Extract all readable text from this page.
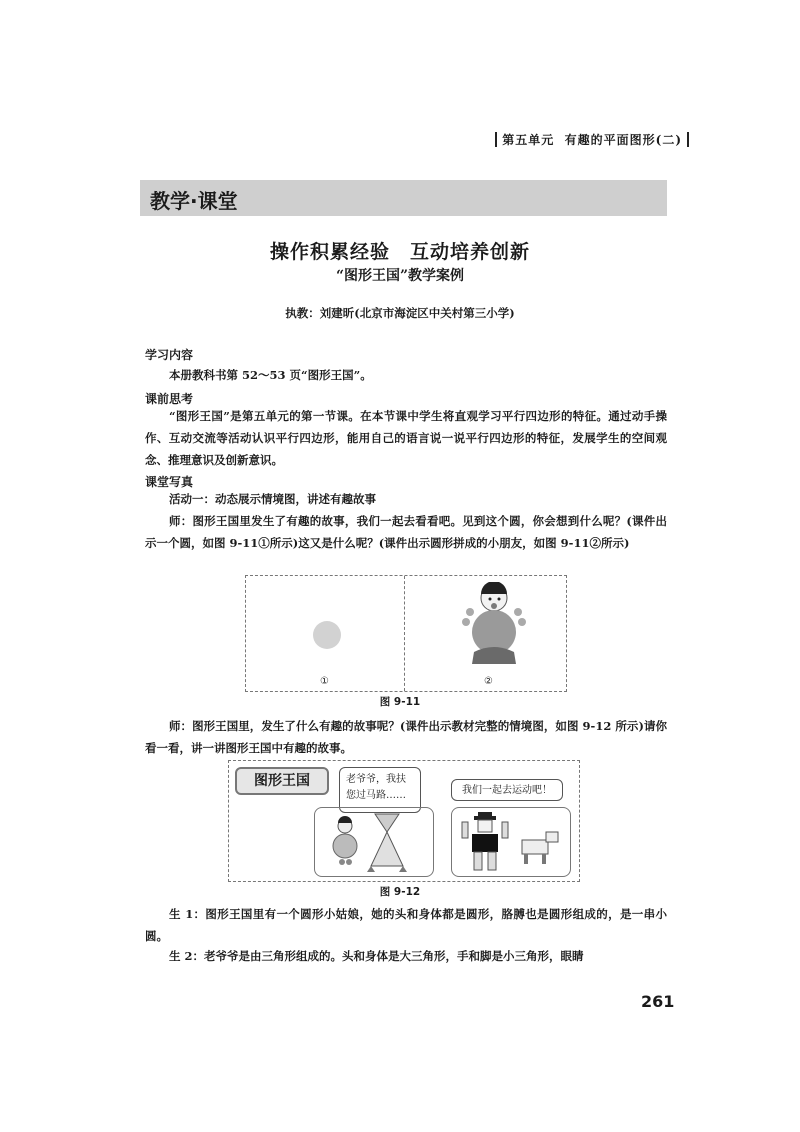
第五单元 有趣的平面图形(二)
教学·课堂
操作积累经验　互动培养创新
“图形王国”教学案例
执教：刘建昕(北京市海淀区中关村第三小学)
学习内容
本册教科书第 52～53 页“图形王国”。
课前思考
“图形王国”是第五单元的第一节课。在本节课中学生将直观学习平行四边形的特征。通过动手操作、互动交流等活动认识平行四边形，能用自己的语言说一说平行四边形的特征，发展学生的空间观念、推理意识及创新意识。
课堂写真
活动一：动态展示情境图，讲述有趣故事
师：图形王国里发生了有趣的故事，我们一起去看看吧。见到这个圆，你会想到什么呢？(课件出示一个圆，如图 9-11①所示)这又是什么呢？(课件出示圆形拼成的小朋友，如图 9-11②所示)
①	②
图 9-11
师：图形王国里，发生了什么有趣的故事呢？(课件出示教材完整的情境图，如图 9-12 所示)请你看一看，讲一讲图形王国中有趣的故事。
图形王国	老爷爷，我扶您过马路……	我们一起去运动吧！
图 9-12
生 1：图形王国里有一个圆形小姑娘，她的头和身体都是圆形，胳膊也是圆形组成的，是一串小圆。
生 2：老爷爷是由三角形组成的。头和身体是大三角形，手和脚是小三角形，眼睛
261
